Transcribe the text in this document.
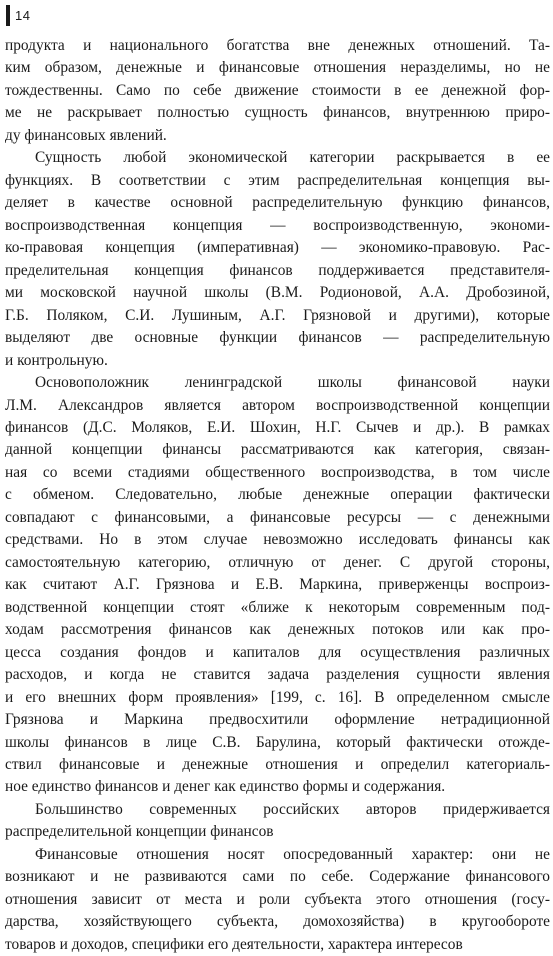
14
продукта и национального богатства вне денежных отношений. Та-
ким образом, денежные и финансовые отношения неразделимы, но не
тождественны. Само по себе движение стоимости в ее денежной фор-
ме не раскрывает полностью сущность финансов, внутреннюю приро-
ду финансовых явлений.
Сущность любой экономической категории раскрывается в ее
функциях. В соответствии с этим распределительная концепция вы-
деляет в качестве основной распределительную функцию финансов,
воспроизводственная концепция — воспроизводственную, экономи-
ко-правовая концепция (императивная) — экономико-правовую. Рас-
пределительная концепция финансов поддерживается представителя-
ми московской научной школы (В.М. Родионовой, А.А. Дробозиной,
Г.Б. Поляком, С.И. Лушиным, А.Г. Грязновой и другими), которые
выделяют две основные функции финансов — распределительную
и контрольную.
Основоположник ленинградской школы финансовой науки
Л.М. Александров является автором воспроизводственной концепции
финансов (Д.С. Моляков, Е.И. Шохин, Н.Г. Сычев и др.). В рамках
данной концепции финансы рассматриваются как категория, связан-
ная со всеми стадиями общественного воспроизводства, в том числе
с обменом. Следовательно, любые денежные операции фактически
совпадают с финансовыми, а финансовые ресурсы — с денежными
средствами. Но в этом случае невозможно исследовать финансы как
самостоятельную категорию, отличную от денег. С другой стороны,
как считают А.Г. Грязнова и Е.В. Маркина, приверженцы воспроиз-
водственной концепции стоят «ближе к некоторым современным под-
ходам рассмотрения финансов как денежных потоков или как про-
цесса создания фондов и капиталов для осуществления различных
расходов, и когда не ставится задача разделения сущности явления
и его внешних форм проявления» [199, с. 16]. В определенном смысле
Грязнова и Маркина предвосхитили оформление нетрадиционной
школы финансов в лице С.В. Барулина, который фактически отожде-
ствил финансовые и денежные отношения и определил категориаль-
ное единство финансов и денег как единство формы и содержания.
Большинство современных российских авторов придерживается
распределительной концепции финансов
Финансовые отношения носят опосредованный характер: они не
возникают и не развиваются сами по себе. Содержание финансового
отношения зависит от места и роли субъекта этого отношения (госу-
дарства, хозяйствующего субъекта, домохозяйства) в кругообороте
товаров и доходов, специфики его деятельности, характера интересов
